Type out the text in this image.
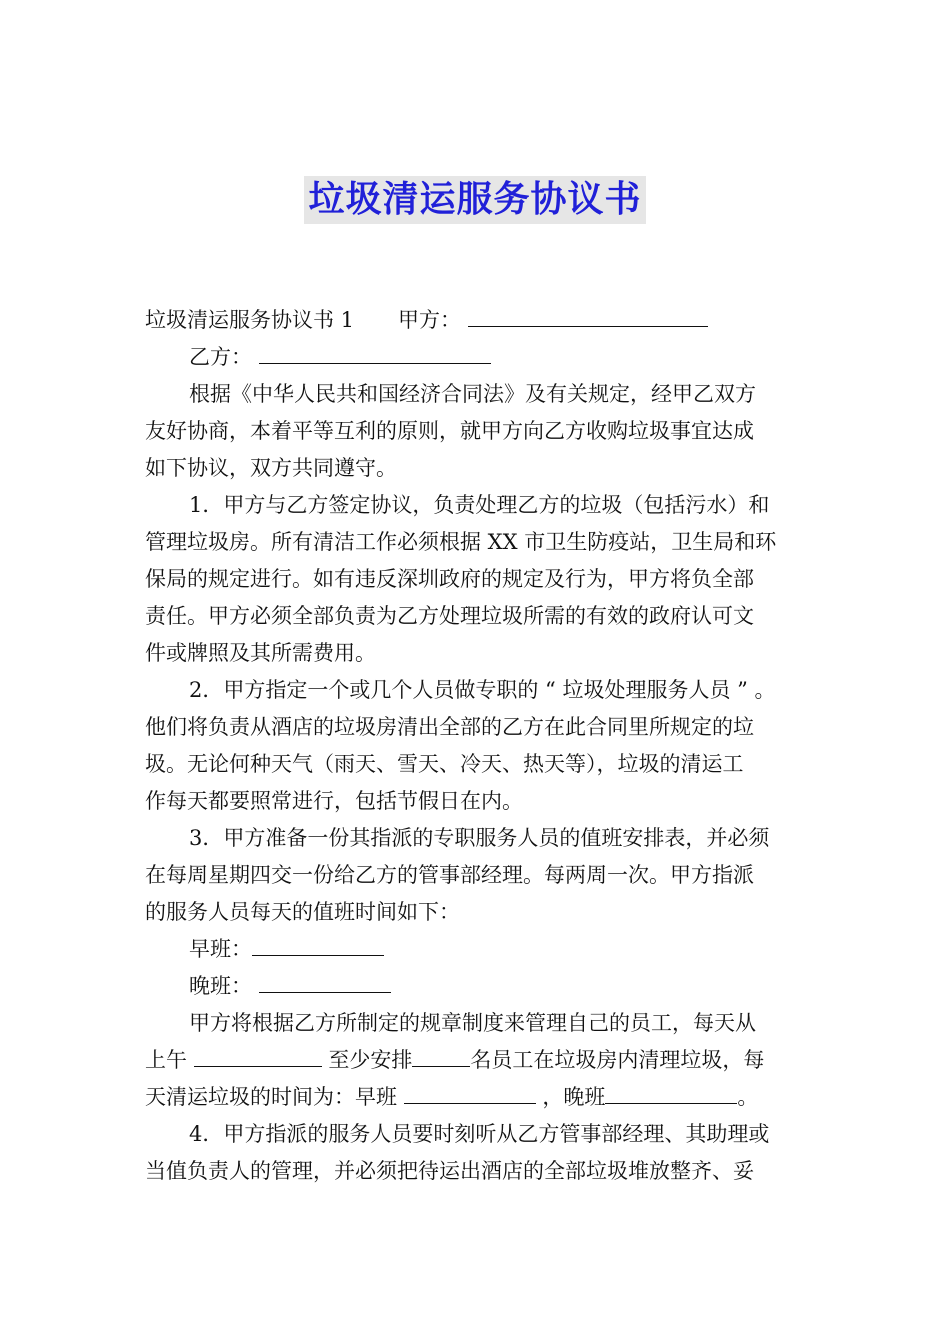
垃圾清运服务协议书
垃圾清运服务协议书 1 甲方：
乙方：
根据《中华人民共和国经济合同法》及有关规定，经甲乙双方
友好协商，本着平等互利的原则，就甲方向乙方收购垃圾事宜达成
如下协议，双方共同遵守。
1．甲方与乙方签定协议，负责处理乙方的垃圾（包括污水）和
管理垃圾房。所有清洁工作必须根据 XX 市卫生防疫站，卫生局和环
保局的规定进行。如有违反深圳政府的规定及行为，甲方将负全部
责任。甲方必须全部负责为乙方处理垃圾所需的有效的政府认可文
件或牌照及其所需费用。
2．甲方指定一个或几个人员做专职的 “ 垃圾处理服务人员 ” 。
他们将负责从酒店的垃圾房清出全部的乙方在此合同里所规定的垃
圾。无论何种天气（雨天、雪天、冷天、热天等），垃圾的清运工
作每天都要照常进行，包括节假日在内。
3．甲方准备一份其指派的专职服务人员的值班安排表，并必须
在每周星期四交一份给乙方的管事部经理。每两周一次。甲方指派
的服务人员每天的值班时间如下：
早班：
晚班：
甲方将根据乙方所制定的规章制度来管理自己的员工，每天从
上午	至少安排	名员工在垃圾房内清理垃圾，每
天清运垃圾的时间为：早班	，晚班	。
4．甲方指派的服务人员要时刻听从乙方管事部经理、其助理或
当值负责人的管理，并必须把待运出酒店的全部垃圾堆放整齐、妥
